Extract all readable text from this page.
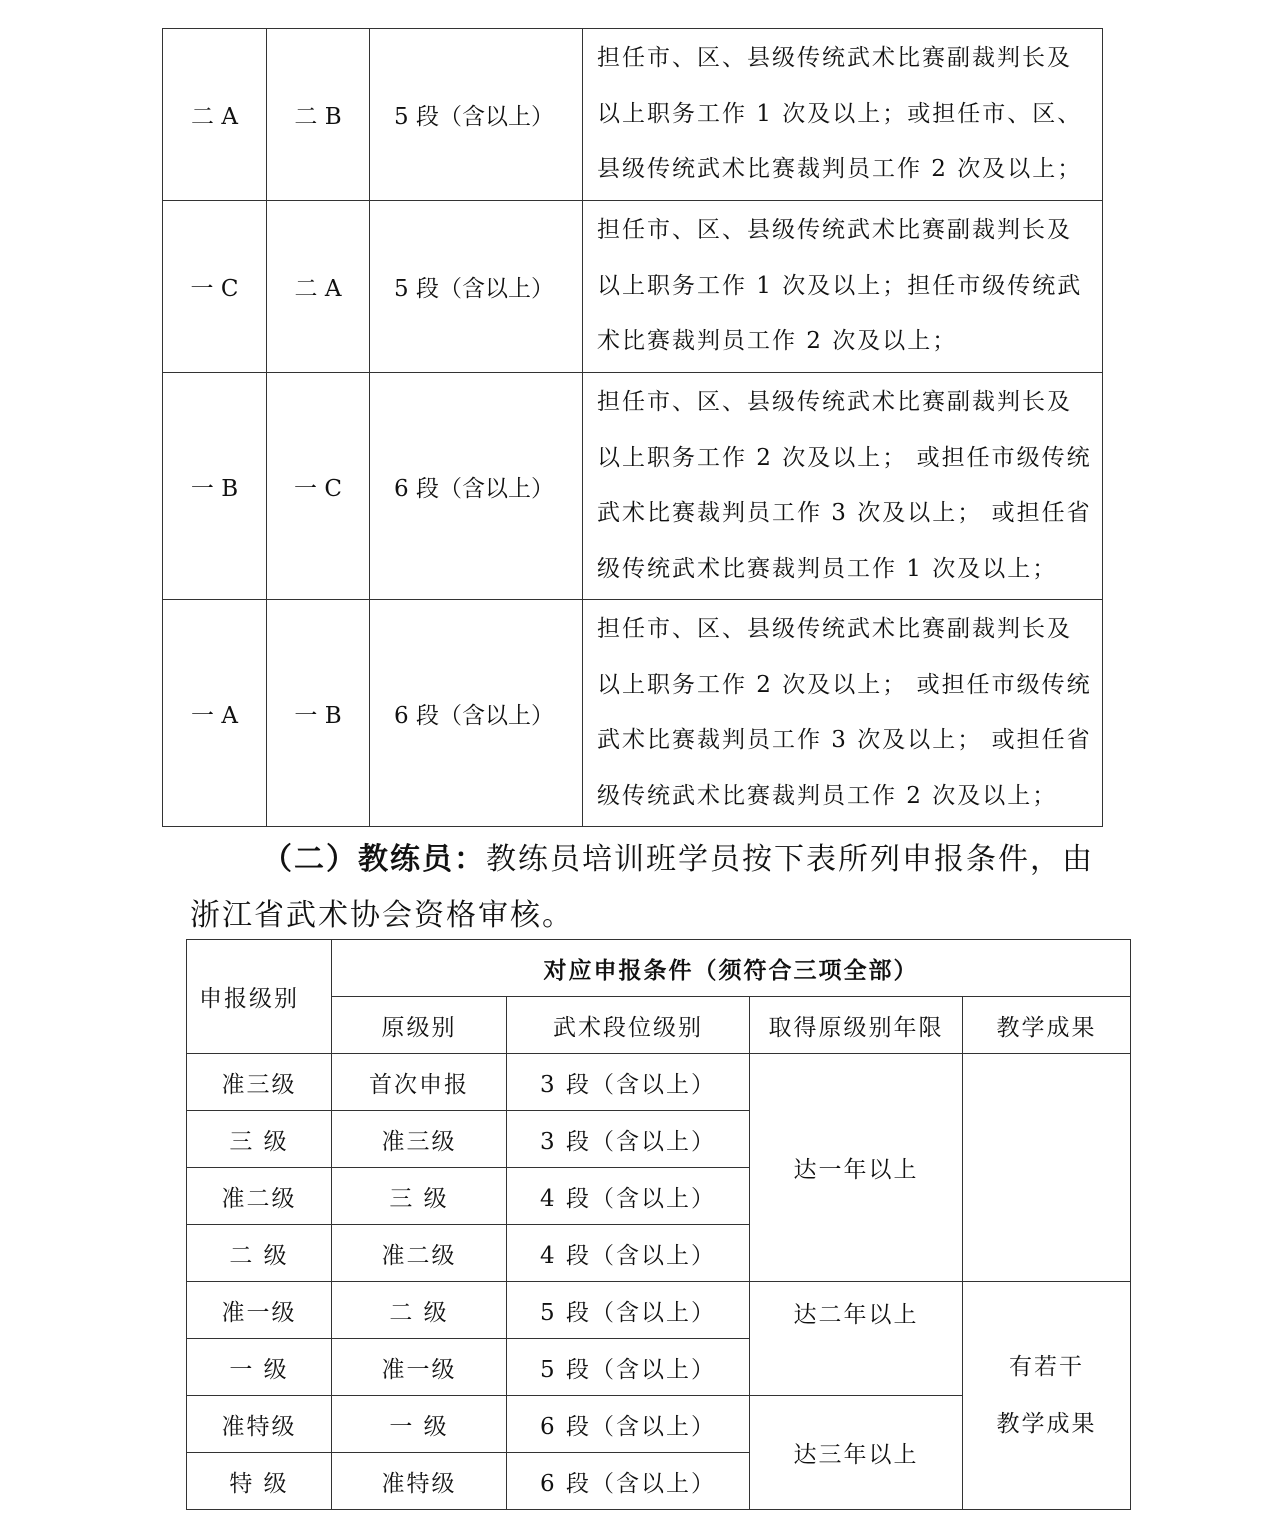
二 A	二 B	5 段（含以上）	担任市、区、县级传统武术比赛副裁判长及
以上职务工作 1 次及以上；或担任市、区、
县级传统武术比赛裁判员工作 2 次及以上；

一 C	二 A	5 段（含以上）	担任市、区、县级传统武术比赛副裁判长及
以上职务工作 1 次及以上；担任市级传统武
术比赛裁判员工作 2 次及以上；

一 B	一 C	6 段（含以上）	担任市、区、县级传统武术比赛副裁判长及
以上职务工作 2 次及以上； 或担任市级传统
武术比赛裁判员工作 3 次及以上； 或担任省
级传统武术比赛裁判员工作 1 次及以上；

一 A	一 B	6 段（含以上）	担任市、区、县级传统武术比赛副裁判长及
以上职务工作 2 次及以上； 或担任市级传统
武术比赛裁判员工作 3 次及以上； 或担任省
级传统武术比赛裁判员工作 2 次及以上；
（二）教练员：教练员培训班学员按下表所列申报条件，由
浙江省武术协会资格审核。
申报级别	对应申报条件（须符合三项全部）			
	原级别	武术段位级别	取得原级别年限	教学成果
准三级	首次申报	3 段（含以上）	达一年以上	
三 级	准三级	3 段（含以上）		
准二级	三 级	4 段（含以上）		
二 级	准二级	4 段（含以上）		
准一级	二 级	5 段（含以上）	达二年以上	有若干
教学成果

一 级	准一级	5 段（含以上）		
准特级	一 级	6 段（含以上）	达三年以上	
特 级	准特级	6 段（含以上）		
